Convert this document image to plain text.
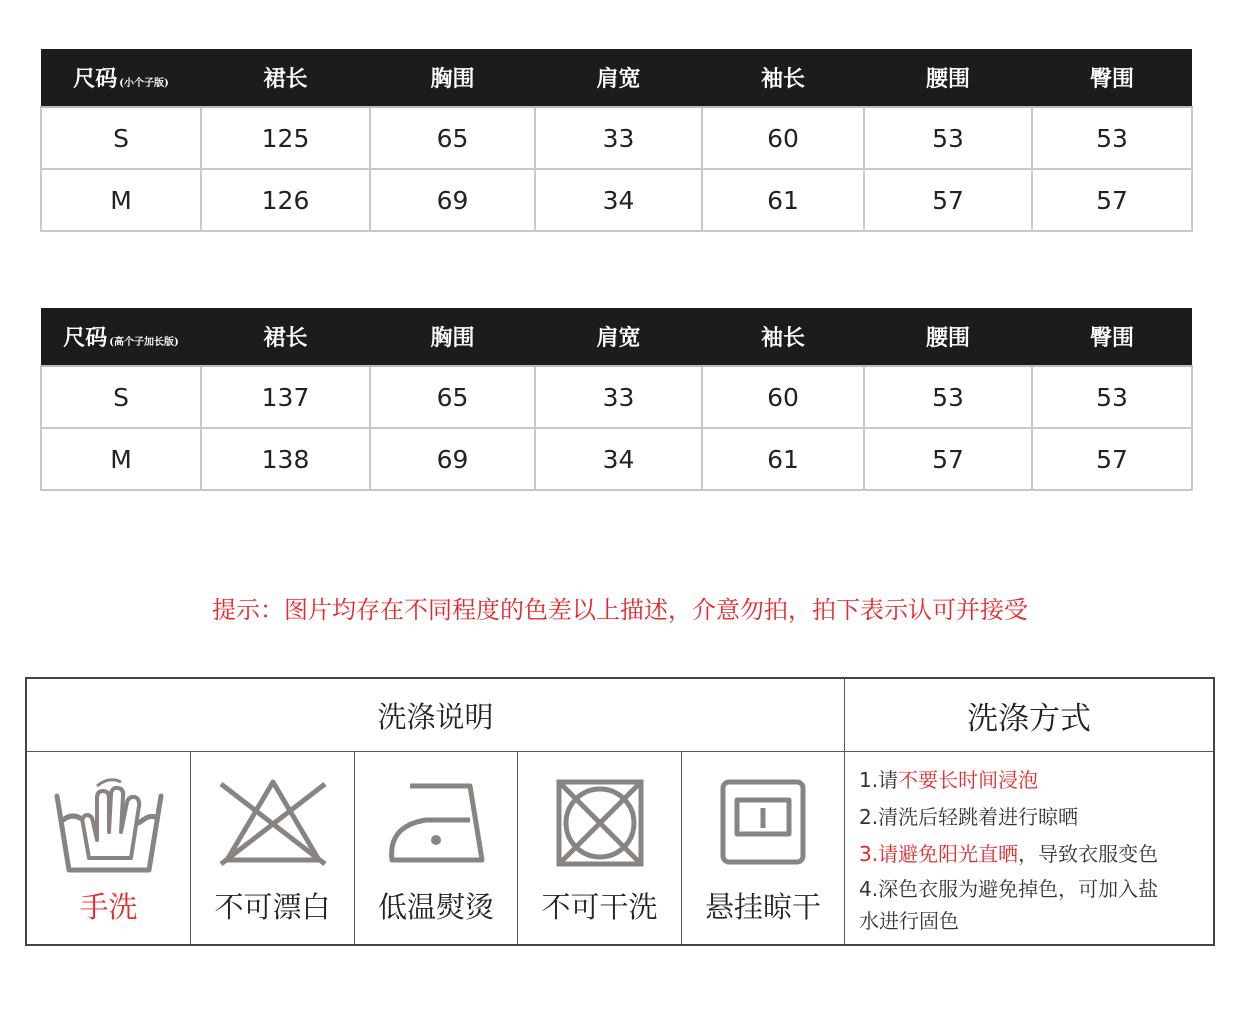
尺码 (小个子版)	裙长	胸围	肩宽	袖长	腰围	臀围
S	125	65	33	60	53	53
M	126	69	34	61	57	57
尺码 (高个子加长版)	裙长	胸围	肩宽	袖长	腰围	臀围
S	137	65	33	60	53	53
M	138	69	34	61	57	57
提示：图片均存在不同程度的色差以上描述，介意勿拍，拍下表示认可并接受
洗涤说明	洗涤方式
手洗	不可漂白	低温熨烫	不可干洗	悬挂晾干
1.请不要长时间浸泡
2.清洗后轻跳着进行晾晒
3.请避免阳光直晒，导致衣服变色
4.深色衣服为避免掉色，可加入盐
水进行固色
